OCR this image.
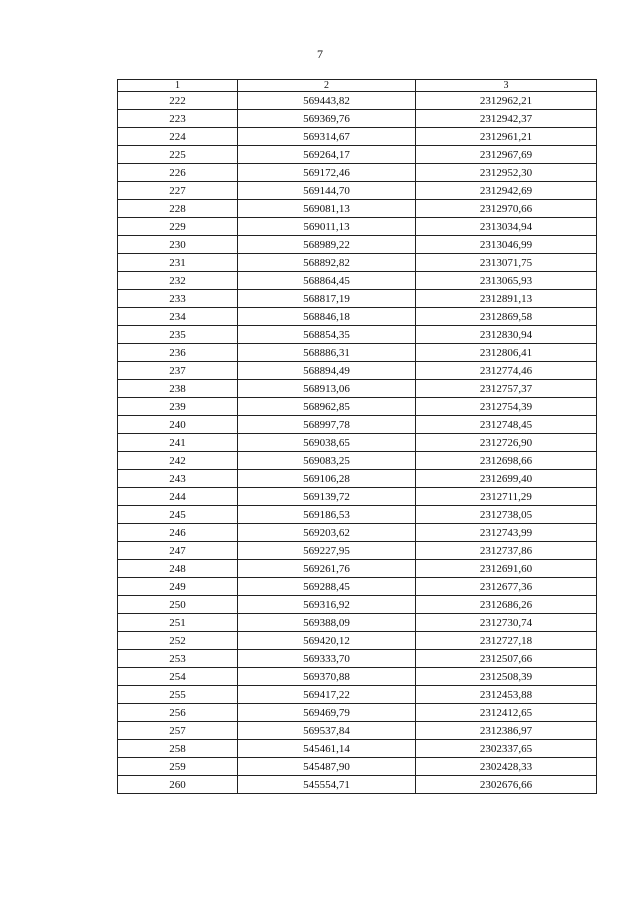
7
1	2	3
222	569443,82	2312962,21
223	569369,76	2312942,37
224	569314,67	2312961,21
225	569264,17	2312967,69
226	569172,46	2312952,30
227	569144,70	2312942,69
228	569081,13	2312970,66
229	569011,13	2313034,94
230	568989,22	2313046,99
231	568892,82	2313071,75
232	568864,45	2313065,93
233	568817,19	2312891,13
234	568846,18	2312869,58
235	568854,35	2312830,94
236	568886,31	2312806,41
237	568894,49	2312774,46
238	568913,06	2312757,37
239	568962,85	2312754,39
240	568997,78	2312748,45
241	569038,65	2312726,90
242	569083,25	2312698,66
243	569106,28	2312699,40
244	569139,72	2312711,29
245	569186,53	2312738,05
246	569203,62	2312743,99
247	569227,95	2312737,86
248	569261,76	2312691,60
249	569288,45	2312677,36
250	569316,92	2312686,26
251	569388,09	2312730,74
252	569420,12	2312727,18
253	569333,70	2312507,66
254	569370,88	2312508,39
255	569417,22	2312453,88
256	569469,79	2312412,65
257	569537,84	2312386,97
258	545461,14	2302337,65
259	545487,90	2302428,33
260	545554,71	2302676,66
